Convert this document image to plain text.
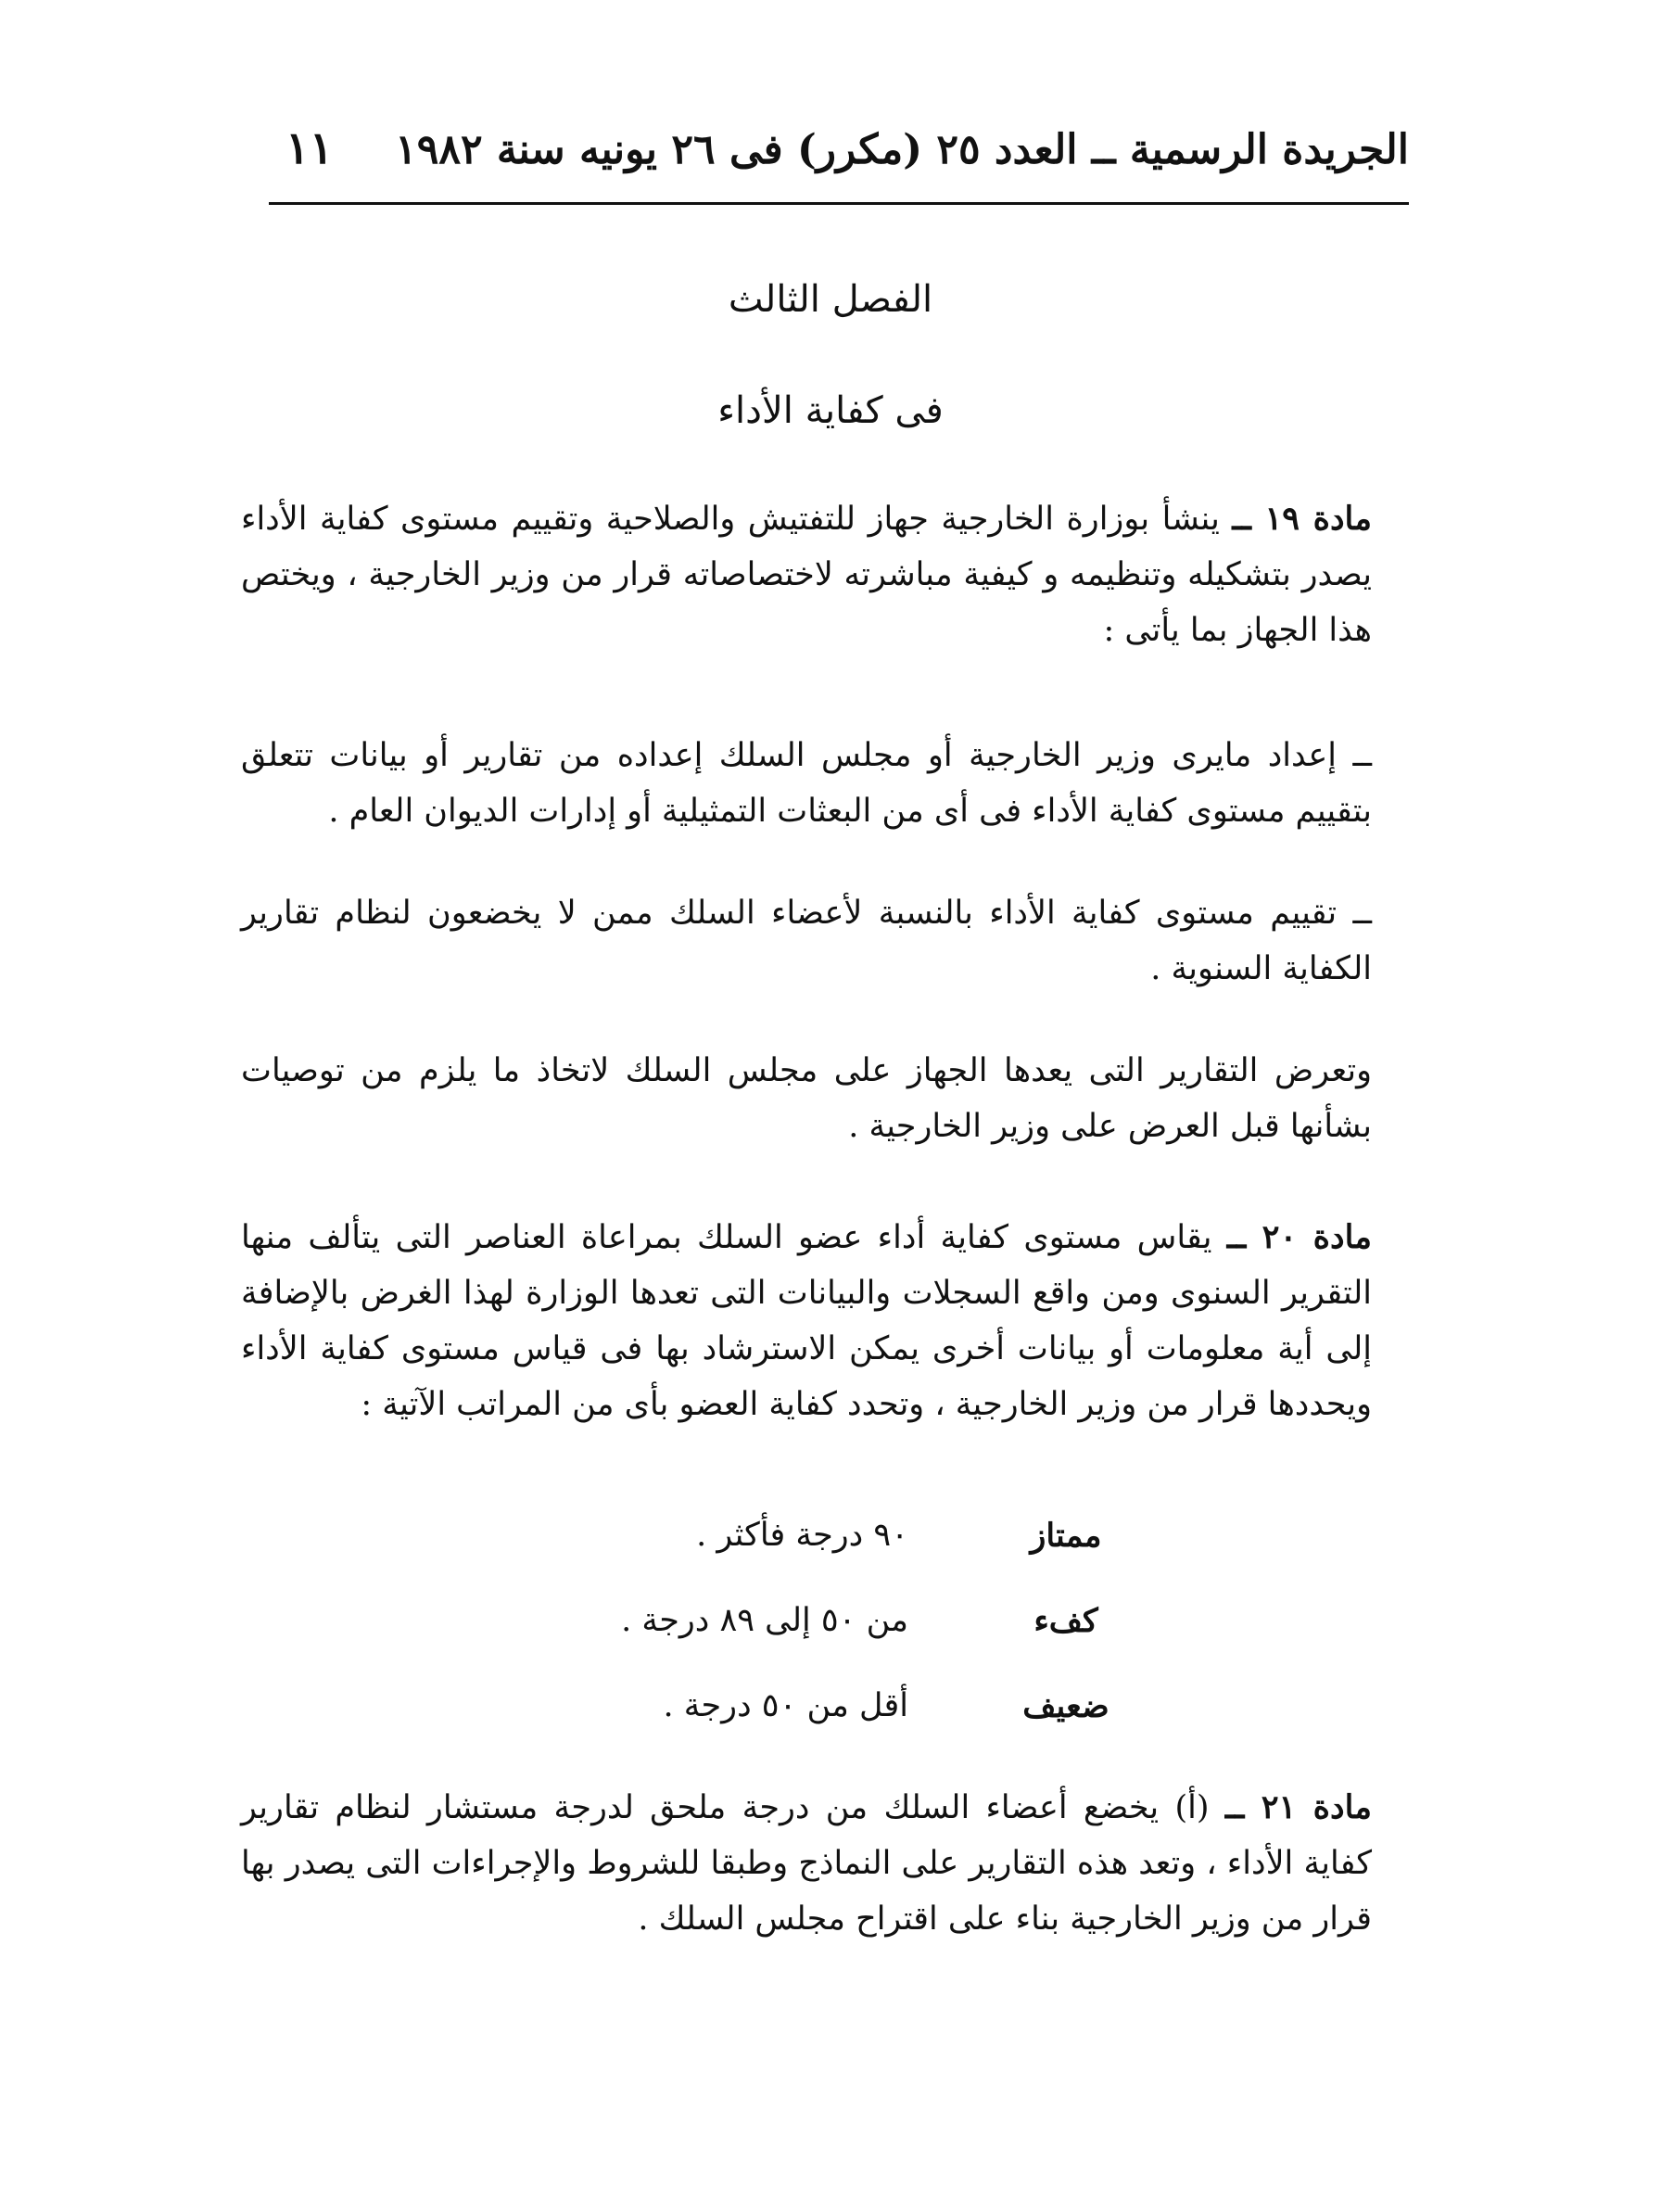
الجريدة الرسمية ــ العدد ٢٥ (مكرر) فى ٢٦ يونيه سنة ١٩٨٢
١١
الفصل الثالث
فى كفاية الأداء
مادة ١٩ ــ ينشأ بوزارة الخارجية جهاز للتفتيش والصلاحية وتقييم مستوى كفاية الأداء يصدر بتشكيله وتنظيمه و كيفية مباشرته لاختصاصاته قرار من وزير الخارجية ، ويختص هذا الجهاز بما يأتى :
ــ إعداد مايرى وزير الخارجية أو مجلس السلك إعداده من تقارير أو بيانات تتعلق بتقييم مستوى كفاية الأداء فى أى من البعثات التمثيلية أو إدارات الديوان العام .
ــ تقييم مستوى كفاية الأداء بالنسبة لأعضاء السلك ممن لا يخضعون لنظام تقارير الكفاية السنوية .
وتعرض التقارير التى يعدها الجهاز على مجلس السلك لاتخاذ ما يلزم من توصيات بشأنها قبل العرض على وزير الخارجية .
مادة ٢٠ ــ يقاس مستوى كفاية أداء عضو السلك بمراعاة العناصر التى يتألف منها التقرير السنوى ومن واقع السجلات والبيانات التى تعدها الوزارة لهذا الغرض بالإضافة إلى أية معلومات أو بيانات أخرى يمكن الاسترشاد بها فى قياس مستوى كفاية الأداء ويحددها قرار من وزير الخارجية ، وتحدد كفاية العضو بأى من المراتب الآتية :
ممتاز
٩٠ درجة فأكثر .
كفء
من ٥٠ إلى ٨٩ درجة .
ضعيف
أقل من ٥٠ درجة .
مادة ٢١ ــ (أ) يخضع أعضاء السلك من درجة ملحق لدرجة مستشار لنظام تقارير كفاية الأداء ، وتعد هذه التقارير على النماذج وطبقا للشروط والإجراءات التى يصدر بها قرار من وزير الخارجية بناء على اقتراح مجلس السلك .
